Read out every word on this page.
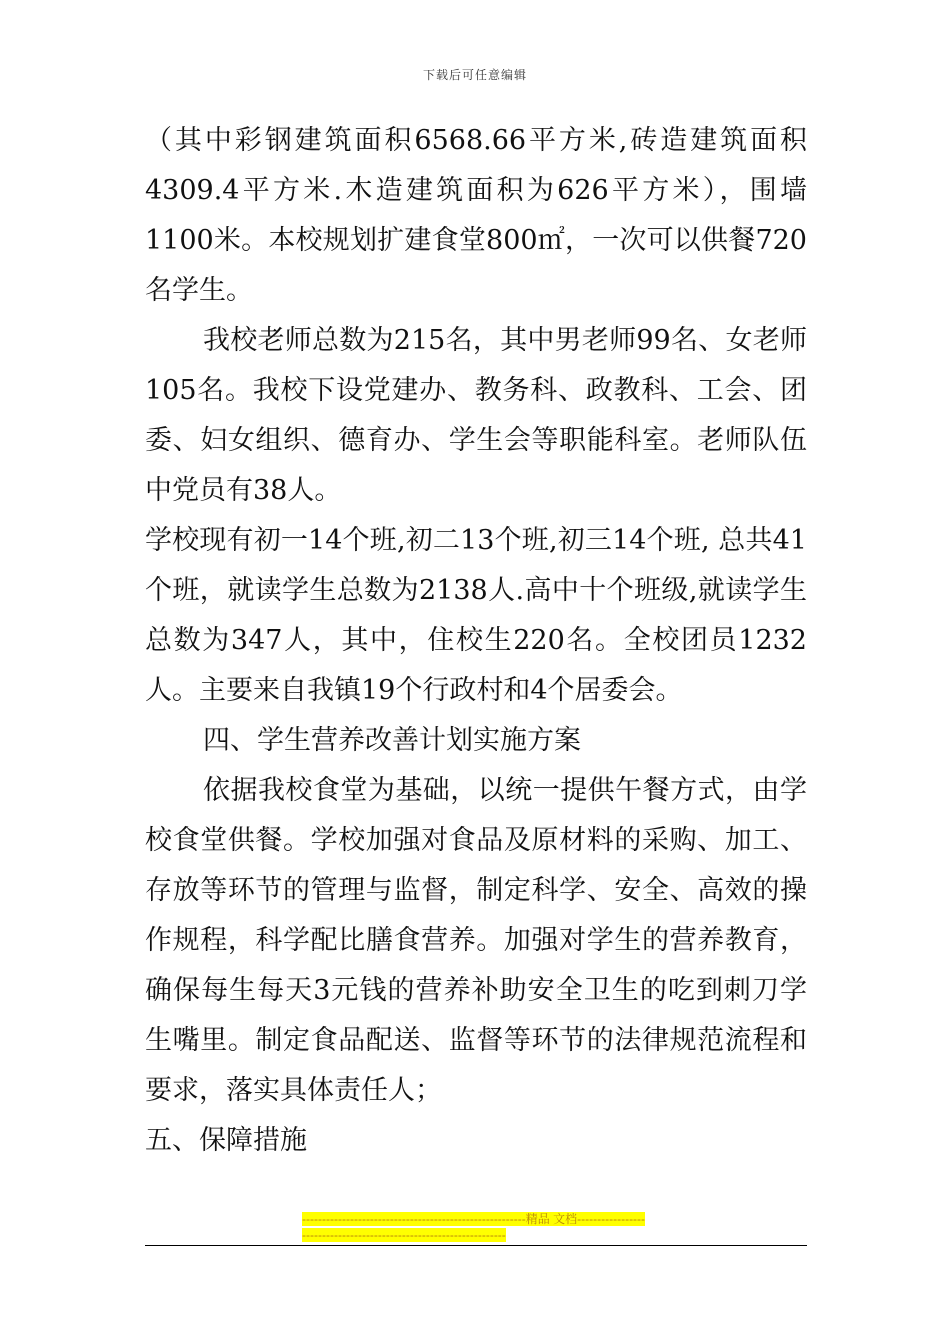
下载后可任意编辑

（其中彩钢建筑面积6568.66平方米,砖造建筑面积4309.4平方米.木造建筑面积为626平方米），围墙1100米。本校规划扩建食堂800㎡，一次可以供餐720名学生。

我校老师总数为215名，其中男老师99名、女老师105名。我校下设党建办、教务科、政教科、工会、团委、妇女组织、德育办、学生会等职能科室。老师队伍中党员有38人。

学校现有初一14个班,初二13个班,初三14个班, 总共41个班，就读学生总数为2138人.高中十个班级,就读学生总数为347人，其中，住校生220名。全校团员1232人。主要来自我镇19个行政村和4个居委会。

四、学生营养改善计划实施方案

依据我校食堂为基础，以统一提供午餐方式，由学校食堂供餐。学校加强对食品及原材料的采购、加工、存放等环节的管理与监督，制定科学、安全、高效的操作规程，科学配比膳食营养。加强对学生的营养教育，确保每生每天3元钱的营养补助安全卫生的吃到刺刀学生嘴里。制定食品配送、监督等环节的法律规范流程和要求，落实具体责任人；

五、保障措施

--------------------------------------------------------精品 文档--------------------------------------------------------------------
